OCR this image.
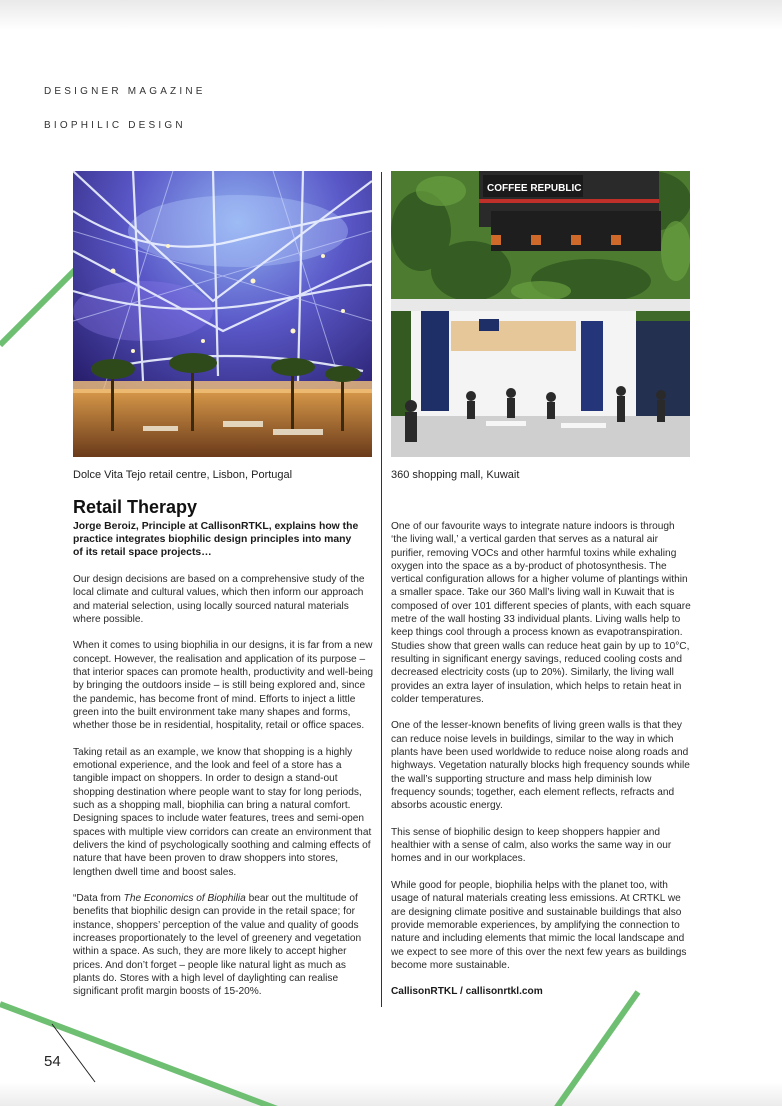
DESIGNER MAGAZINE
BIOPHILIC DESIGN
COFFEE REPUBLIC
Dolce Vita Tejo retail centre, Lisbon, Portugal	360 shopping mall, Kuwait
Retail Therapy
Jorge Beroiz, Principle at CallisonRTKL, explains how the practice integrates biophilic design principles into many of its retail space projects…

Our design decisions are based on a comprehensive study of the local climate and cultural values, which then inform our approach and material selection, using locally sourced natural materials where possible.

When it comes to using biophilia in our designs, it is far from a new concept. However, the realisation and application of its purpose – that interior spaces can promote health, productivity and well-being by bringing the outdoors inside – is still being explored and, since the pandemic, has become front of mind. Efforts to inject a little green into the built environment take many shapes and forms, whether those be in residential, hospitality, retail or office spaces.

Taking retail as an example, we know that shopping is a highly emotional experience, and the look and feel of a store has a tangible impact on shoppers. In order to design a stand-out shopping destination where people want to stay for long periods, such as a shopping mall, biophilia can bring a natural comfort. Designing spaces to include water features, trees and semi-open spaces with multiple view corridors can create an environment that delivers the kind of psychologically soothing and calming effects of nature that have been proven to draw shoppers into stores, lengthen dwell time and boost sales.

“Data from The Economics of Biophilia bear out the multitude of benefits that biophilic design can provide in the retail space; for instance, shoppers’ perception of the value and quality of goods increases proportionately to the level of greenery and vegetation within a space. As such, they are more likely to accept higher prices. And don’t forget – people like natural light as much as plants do. Stores with a high level of daylighting can realise significant profit margin boosts of 15-20%.

One of our favourite ways to integrate nature indoors is through ‘the living wall,’ a vertical garden that serves as a natural air purifier, removing VOCs and other harmful toxins while exhaling oxygen into the space as a by-product of photosynthesis. The vertical configuration allows for a higher volume of plantings within a smaller space. Take our 360 Mall’s living wall in Kuwait that is composed of over 101 different species of plants, with each square metre of the wall hosting 33 individual plants. Living walls help to keep things cool through a process known as evapotranspiration. Studies show that green walls can reduce heat gain by up to 10°C, resulting in significant energy savings, reduced cooling costs and decreased electricity costs (up to 20%). Similarly, the living wall provides an extra layer of insulation, which helps to retain heat in colder temperatures.

One of the lesser-known benefits of living green walls is that they can reduce noise levels in buildings, similar to the way in which plants have been used worldwide to reduce noise along roads and highways. Vegetation naturally blocks high frequency sounds while the wall’s supporting structure and mass help diminish low frequency sounds; together, each element reflects, refracts and absorbs acoustic energy.

This sense of biophilic design to keep shoppers happier and healthier with a sense of calm, also works the same way in our homes and in our workplaces.

While good for people, biophilia helps with the planet too, with usage of natural materials creating less emissions. At CRTKL we are designing climate positive and sustainable buildings that also provide memorable experiences, by amplifying the connection to nature and including elements that mimic the local landscape and we expect to see more of this over the next few years as buildings become more sustainable.

CallisonRTKL / callisonrtkl.com
54
